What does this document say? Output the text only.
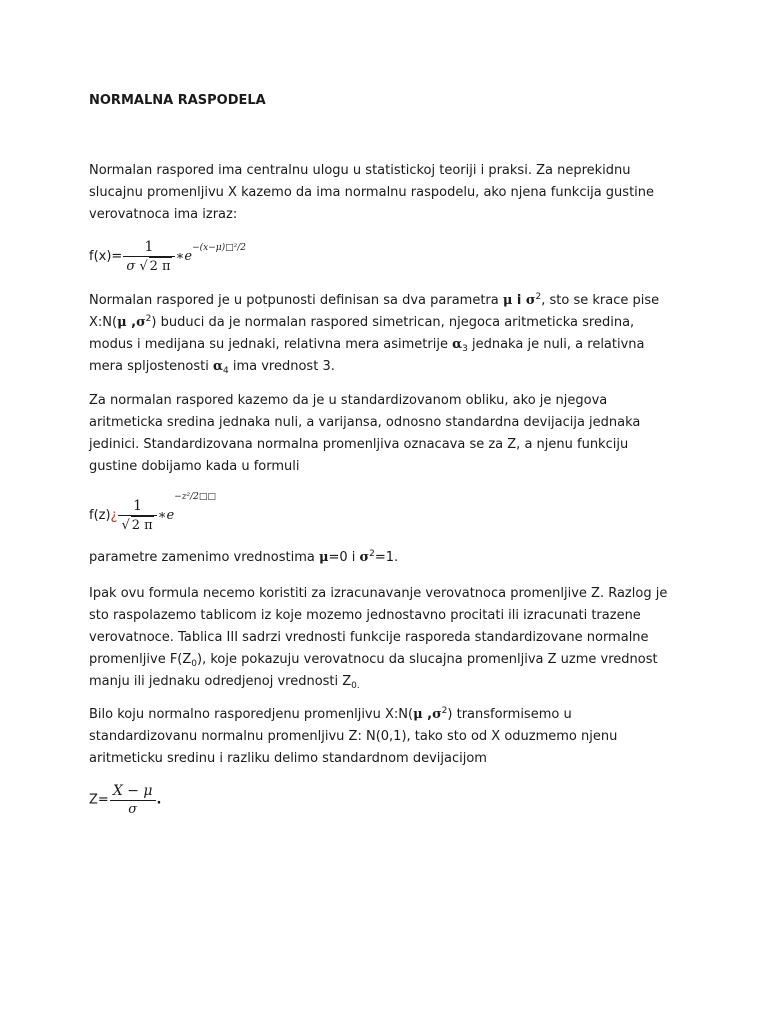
NORMALNA RASPODELA

Normalan raspored ima centralnu ulogu u statistickoj teoriji i praksi. Za neprekidnu slucajnu promenljivu X kazemo da ima normalnu raspodelu, ako njena funkcija gustine verovatnoca ima izraz:

$f(x)= \frac{1}{\sigma √ 2 \pi}$ $∗e^{-(x-\mu)□^2/2}$

Normalan raspored je u potpunosti definisan sa dva parametra μ i $\sigma^2$, sto se krace pise X:N(μ $,\sigma^2$) buduci da je normalan raspored simetrican, njegoca aritmeticka sredina, modus i medijana su jednaki, relativna mera asimetrije $\alpha_3$ jednaka je nuli, a relativna mera spljostenosti $\alpha_4$ ima vrednost 3.

Za normalan raspored kazemo da je u standardizovanom obliku, ako je njegova aritmeticka sredina jednaka nuli, a varijansa, odnosno standardna devijacija jednaka jedinici. Standardizovana normalna promenljiva oznacava se za Z, a njenu funkciju gustine dobijamo kada u formuli

f(z)¿ $\frac{1}{√ 2 \pi}$ $∗e^{-z^2/2□□}$

parametre zamenimo vrednostima μ=0 i $\sigma^2=1$.

Ipak ovu formula necemo koristiti za izracunavanje verovatnoca promenljive Z. Razlog je sto raspolazemo tablicom iz koje mozemo jednostavno procitati ili izracunati trazene verovatnoce. Tablica III sadrzi vrednosti funkcije rasporeda standardizovane normalne promenljive $F(Z_0)$, koje pokazuju verovatnocu da slucajna promenljiva Z uzme vrednost manju ili jednaku odredjenoj vrednosti $Z_{0.}$

Bilo koju normalno rasporedjenu promenljivu X:N(μ $,\sigma^2$) transformisemo u standardizovanu normalnu promenljivu Z: N(0,1), tako sto od X oduzmemo njenu aritmeticku sredinu i razliku delimo standardnom devijacijom

$Z= \frac{X - \mu}{\sigma}$ .
